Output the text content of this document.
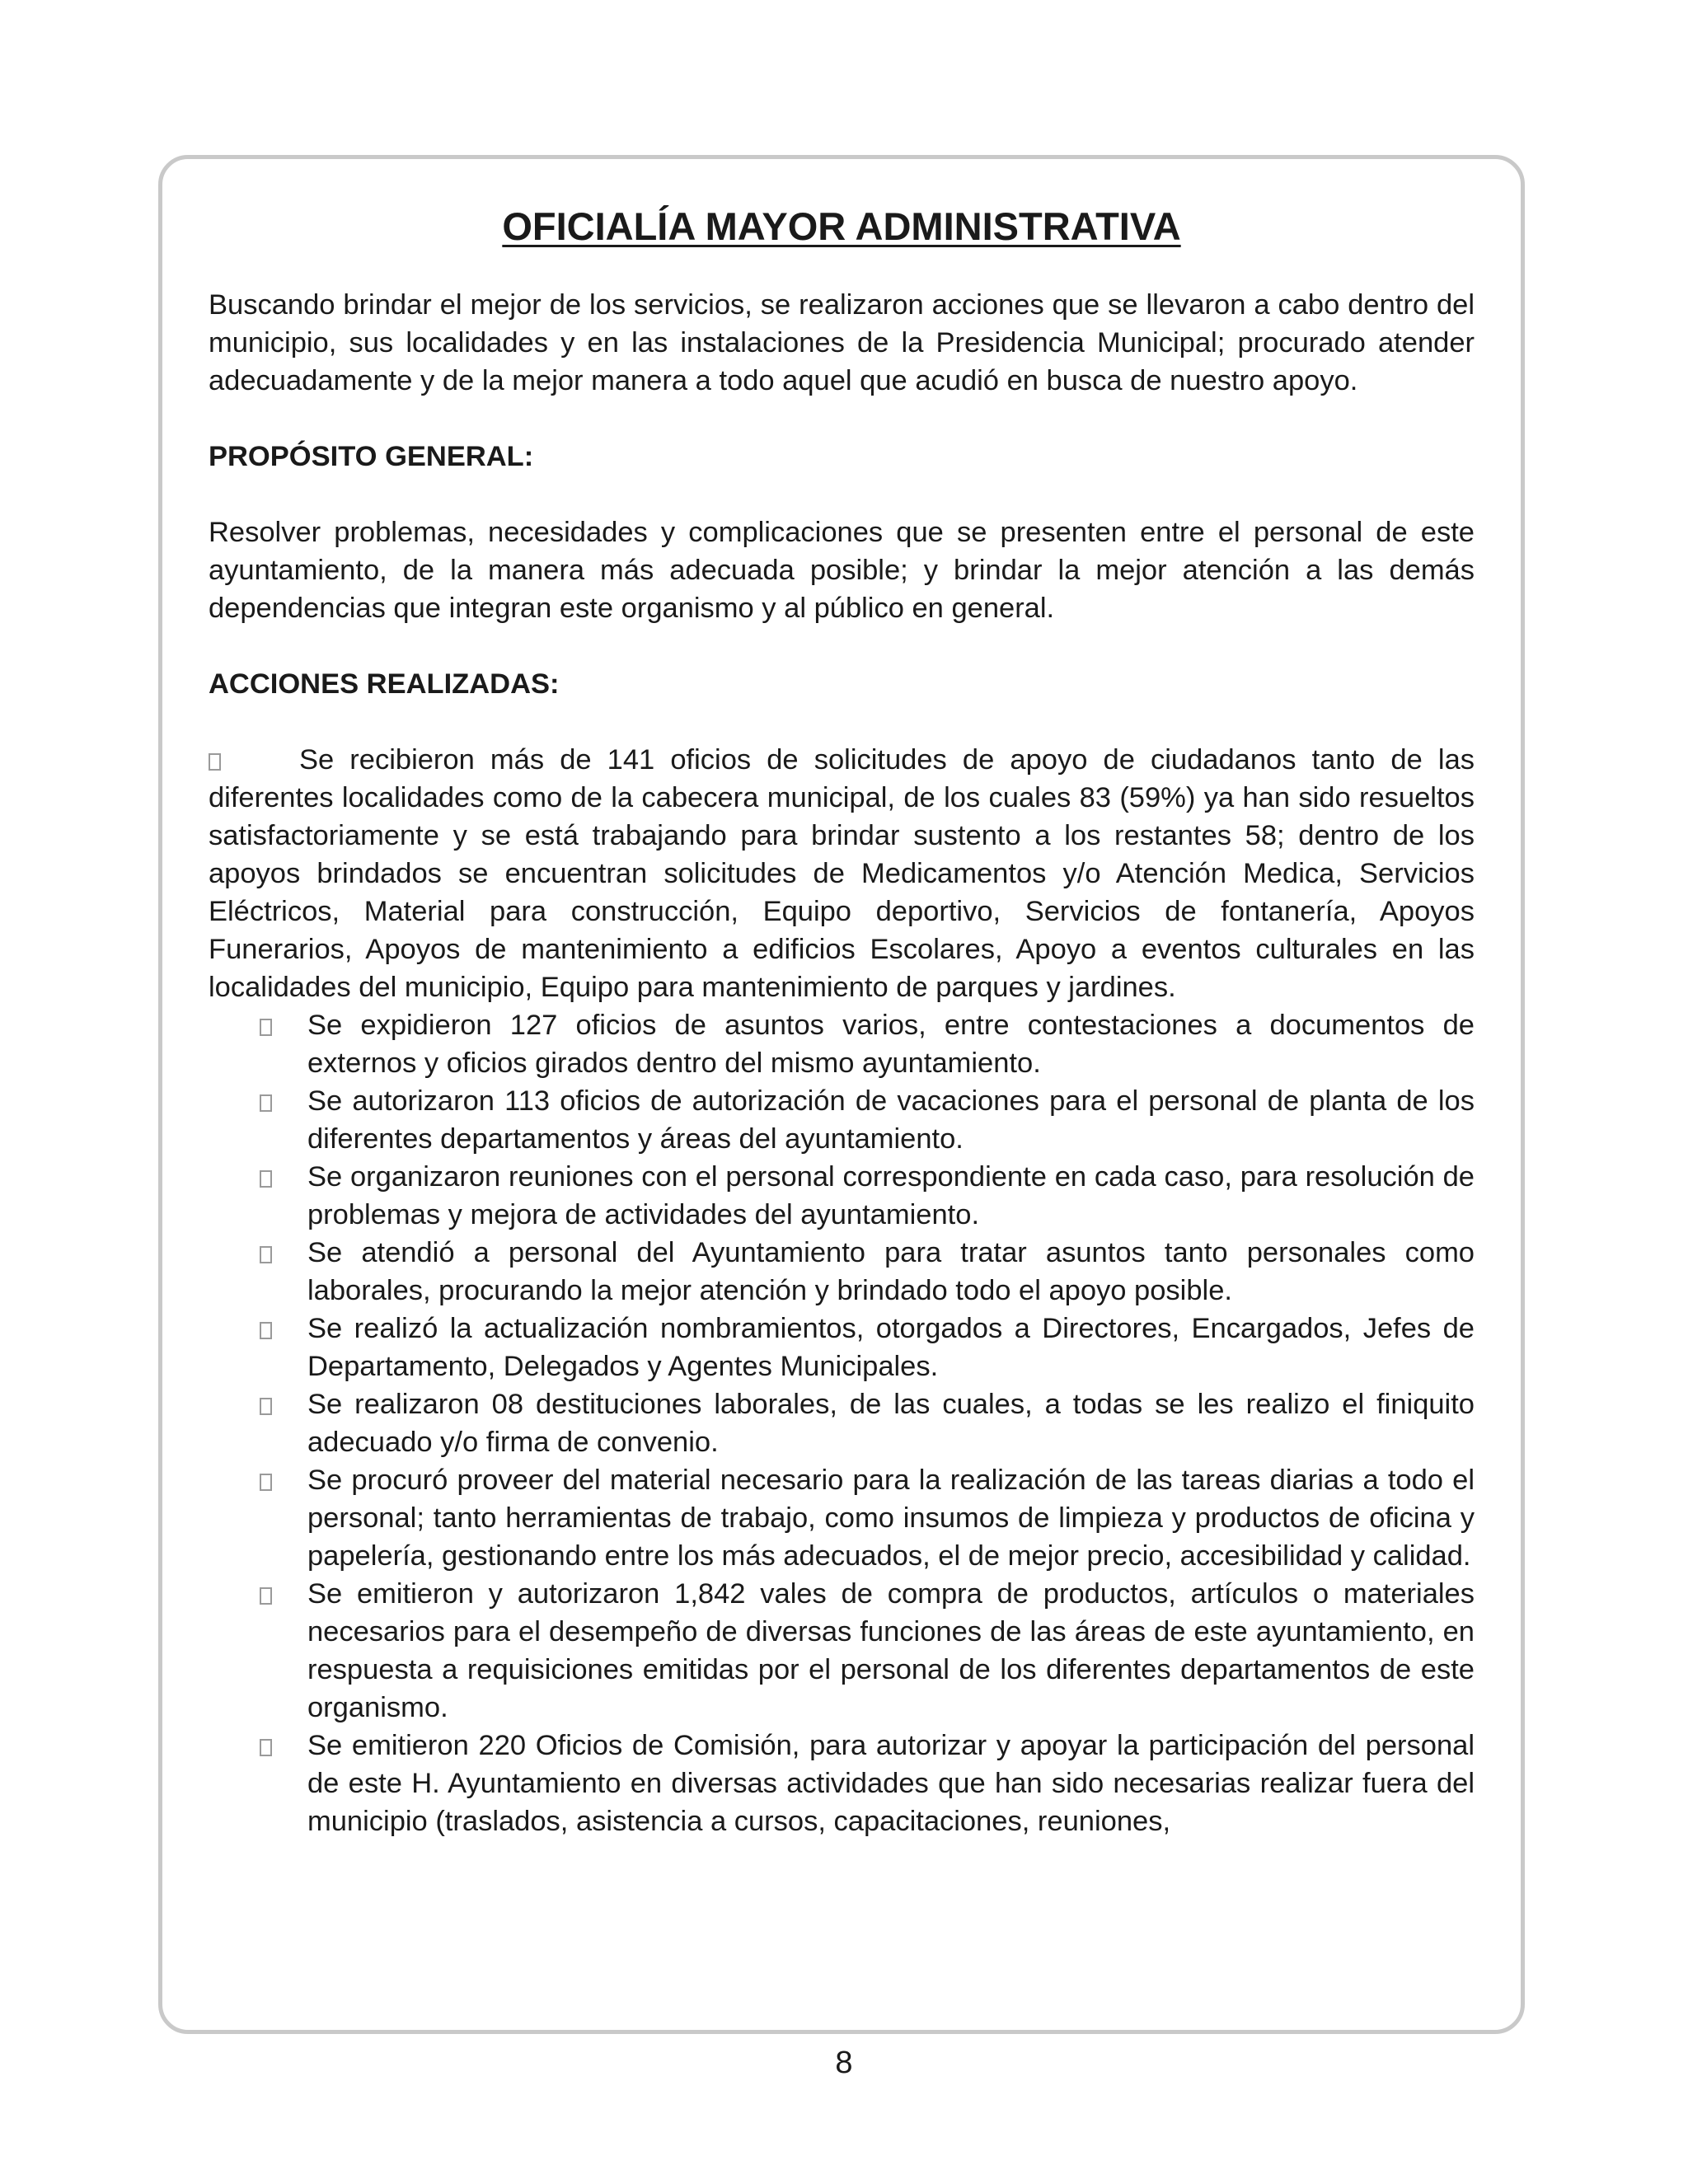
OFICIALÍA MAYOR ADMINISTRATIVA

Buscando brindar el mejor de los servicios, se realizaron acciones que se llevaron a cabo dentro del municipio, sus localidades y en las instalaciones de la Presidencia Municipal; procurado atender adecuadamente y de la mejor manera a todo aquel que acudió en busca de nuestro apoyo.

PROPÓSITO GENERAL:

Resolver problemas, necesidades y complicaciones que se presenten entre el personal de este ayuntamiento, de la manera más adecuada posible; y brindar la mejor atención a las demás dependencias que integran este organismo y al público en general.

ACCIONES REALIZADAS:

Se recibieron más de 141 oficios de solicitudes de apoyo de ciudadanos tanto de las diferentes localidades como de la cabecera municipal, de los cuales 83 (59%) ya han sido resueltos satisfactoriamente y se está trabajando para brindar sustento a los restantes 58; dentro de los apoyos brindados se encuentran solicitudes de Medicamentos y/o Atención Medica, Servicios Eléctricos, Material para construcción, Equipo deportivo, Servicios de fontanería, Apoyos Funerarios, Apoyos de mantenimiento a edificios Escolares, Apoyo a eventos culturales en las localidades del municipio, Equipo para mantenimiento de parques y jardines.

Se expidieron 127 oficios de asuntos varios, entre contestaciones a documentos de externos y oficios girados dentro del mismo ayuntamiento.
Se autorizaron 113 oficios de autorización de vacaciones para el personal de planta de los diferentes departamentos y áreas del ayuntamiento.
Se organizaron reuniones con el personal correspondiente en cada caso, para resolución de problemas y mejora de actividades del ayuntamiento.
Se atendió a personal del Ayuntamiento para tratar asuntos tanto personales como laborales, procurando la mejor atención y brindado todo el apoyo posible.
Se realizó la actualización nombramientos, otorgados a Directores, Encargados, Jefes de Departamento, Delegados y Agentes Municipales.
Se realizaron 08 destituciones laborales, de las cuales, a todas se les realizo el finiquito adecuado y/o firma de convenio.
Se procuró proveer del material necesario para la realización de las tareas diarias a todo el personal; tanto herramientas de trabajo, como insumos de limpieza y productos de oficina y papelería, gestionando entre los más adecuados, el de mejor precio, accesibilidad y calidad.
Se emitieron y autorizaron 1,842 vales de compra de productos, artículos o materiales necesarios para el desempeño de diversas funciones de las áreas de este ayuntamiento, en respuesta a requisiciones emitidas por el personal de los diferentes departamentos de este organismo.
Se emitieron 220 Oficios de Comisión, para autorizar y apoyar la participación del personal de este H. Ayuntamiento en diversas actividades que han sido necesarias realizar fuera del municipio (traslados, asistencia a cursos, capacitaciones, reuniones,
8
